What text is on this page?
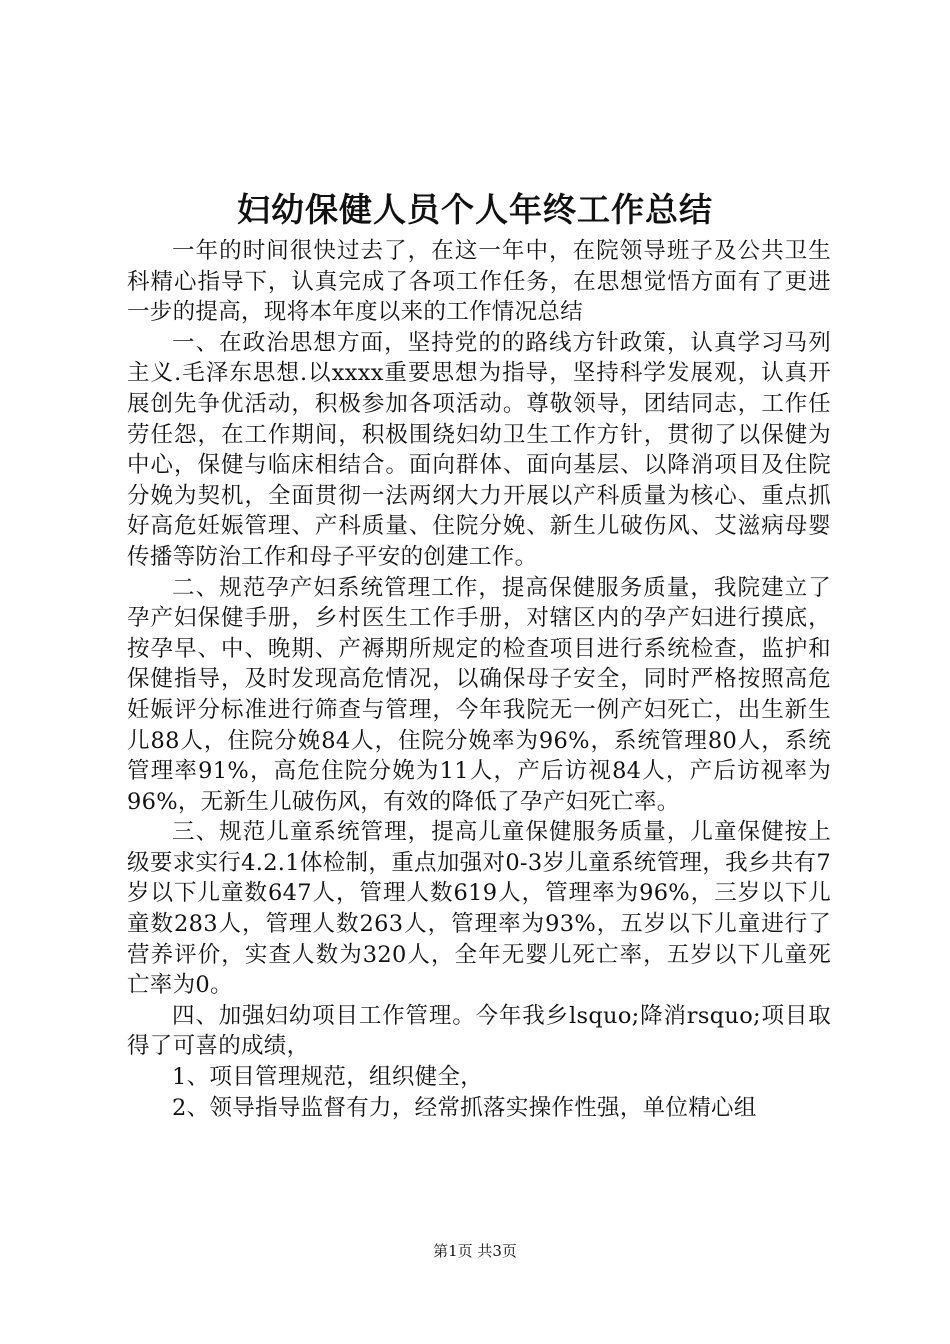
妇幼保健人员个人年终工作总结

一年的时间很快过去了，在这一年中，在院领导班子及公共卫生科精心指导下，认真完成了各项工作任务，在思想觉悟方面有了更进一步的提高，现将本年度以来的工作情况总结

一、在政治思想方面，坚持党的的路线方针政策，认真学习马列主义.毛泽东思想.以xxxx重要思想为指导，坚持科学发展观，认真开展创先争优活动，积极参加各项活动。尊敬领导，团结同志，工作任劳任怨，在工作期间，积极围绕妇幼卫生工作方针，贯彻了以保健为中心，保健与临床相结合。面向群体、面向基层、以降消项目及住院分娩为契机，全面贯彻一法两纲大力开展以产科质量为核心、重点抓好高危妊娠管理、产科质量、住院分娩、新生儿破伤风、艾滋病母婴传播等防治工作和母子平安的创建工作。

二、规范孕产妇系统管理工作，提高保健服务质量，我院建立了孕产妇保健手册，乡村医生工作手册，对辖区内的孕产妇进行摸底，按孕早、中、晚期、产褥期所规定的检查项目进行系统检查，监护和保健指导，及时发现高危情况，以确保母子安全，同时严格按照高危妊娠评分标准进行筛查与管理，今年我院无一例产妇死亡，出生新生儿88人，住院分娩84人，住院分娩率为96%，系统管理80人，系统管理率91%，高危住院分娩为11人，产后访视84人，产后访视率为96%，无新生儿破伤风，有效的降低了孕产妇死亡率。

三、规范儿童系统管理，提高儿童保健服务质量，儿童保健按上级要求实行4.2.1体检制，重点加强对0-3岁儿童系统管理，我乡共有7岁以下儿童数647人，管理人数619人，管理率为96%，三岁以下儿童数283人，管理人数263人，管理率为93%，五岁以下儿童进行了营养评价，实查人数为320人，全年无婴儿死亡率，五岁以下儿童死亡率为0。

四、加强妇幼项目工作管理。今年我乡lsquo;降消rsquo;项目取得了可喜的成绩，

1、项目管理规范，组织健全，

2、领导指导监督有力，经常抓落实操作性强，单位精心组

第1页 共3页
